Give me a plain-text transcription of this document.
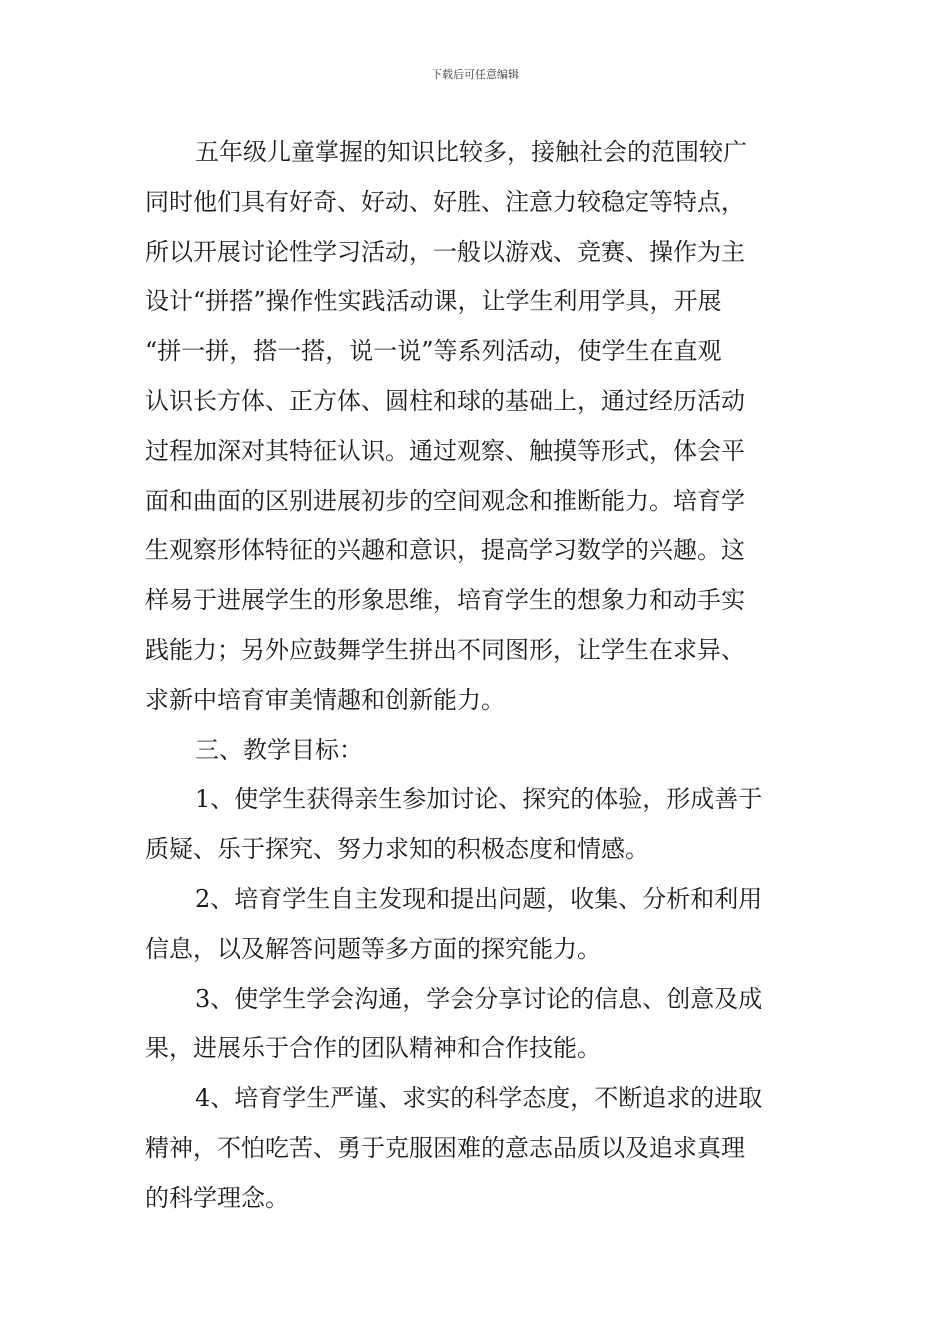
下载后可任意编辑
五年级儿童掌握的知识比较多，接触社会的范围较广
同时他们具有好奇、好动、好胜、注意力较稳定等特点，
所以开展讨论性学习活动，一般以游戏、竞赛、操作为主
设计“拼搭”操作性实践活动课，让学生利用学具，开展
“拼一拼，搭一搭，说一说”等系列活动，使学生在直观
认识长方体、正方体、圆柱和球的基础上，通过经历活动
过程加深对其特征认识。通过观察、触摸等形式，体会平
面和曲面的区别进展初步的空间观念和推断能力。培育学
生观察形体特征的兴趣和意识，提高学习数学的兴趣。这
样易于进展学生的形象思维，培育学生的想象力和动手实
践能力；另外应鼓舞学生拼出不同图形，让学生在求异、
求新中培育审美情趣和创新能力。
三、教学目标：
1、使学生获得亲生参加讨论、探究的体验，形成善于
质疑、乐于探究、努力求知的积极态度和情感。
2、培育学生自主发现和提出问题，收集、分析和利用
信息，以及解答问题等多方面的探究能力。
3、使学生学会沟通，学会分享讨论的信息、创意及成
果，进展乐于合作的团队精神和合作技能。
4、培育学生严谨、求实的科学态度，不断追求的进取
精神，不怕吃苦、勇于克服困难的意志品质以及追求真理
的科学理念。
